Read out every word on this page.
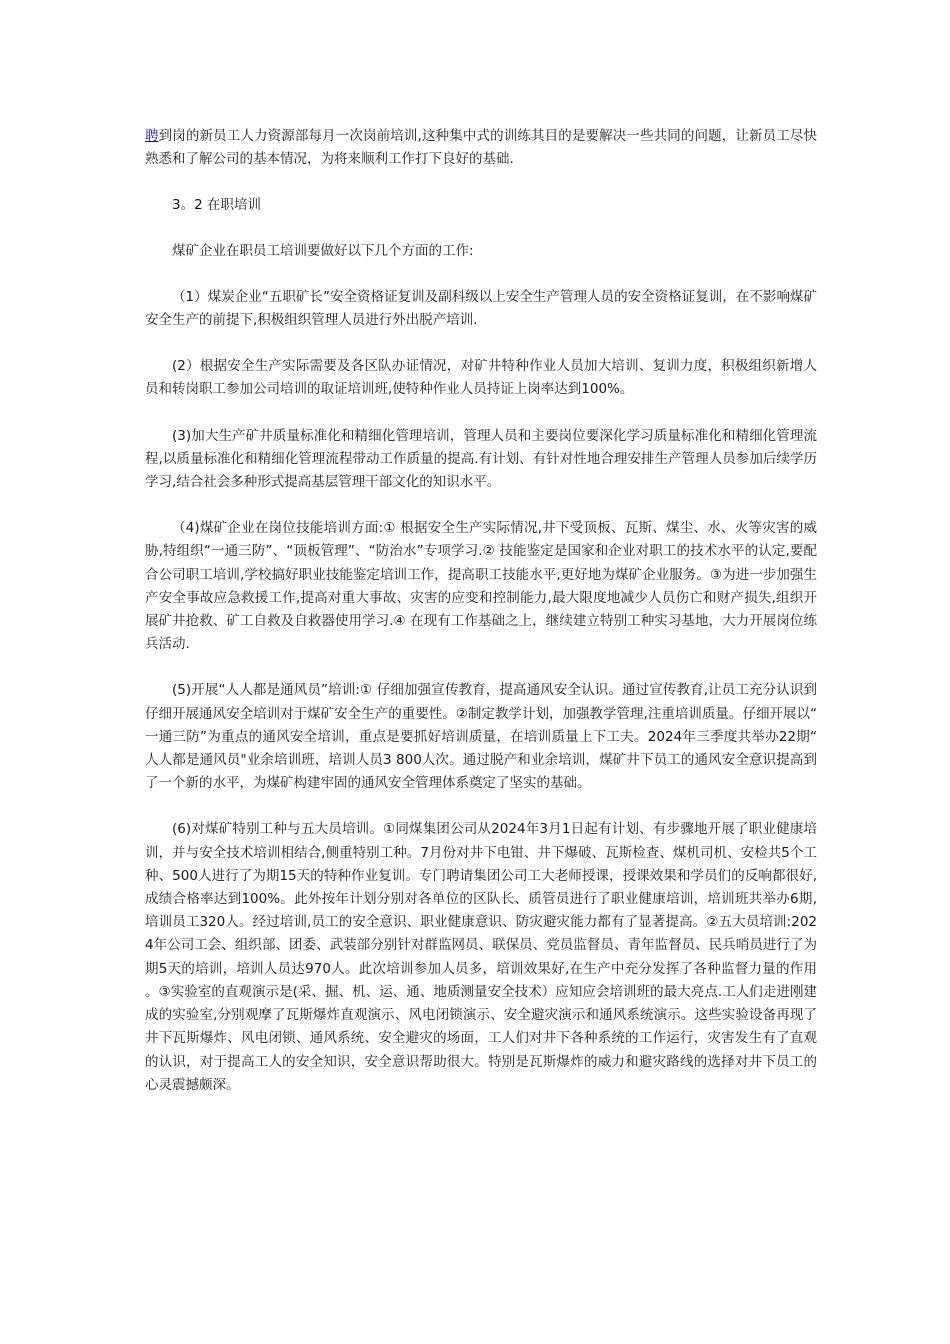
聘到岗的新员工人力资源部每月一次岗前培训,这种集中式的训练其目的是要解决一些共同的问题，让新员工尽快熟悉和了解公司的基本情况，为将来顺利工作打下良好的基础.

3。2 在职培训

煤矿企业在职员工培训要做好以下几个方面的工作:

（1）煤炭企业“五职矿长”安全资格证复训及副科级以上安全生产管理人员的安全资格证复训，在不影响煤矿安全生产的前提下,积极组织管理人员进行外出脱产培训.

(2）根据安全生产实际需要及各区队办证情况，对矿井特种作业人员加大培训、复训力度，积极组织新增人员和转岗职工参加公司培训的取证培训班,使特种作业人员持证上岗率达到100%。

(3)加大生产矿井质量标准化和精细化管理培训，管理人员和主要岗位要深化学习质量标准化和精细化管理流程,以质量标准化和精细化管理流程带动工作质量的提高.有计划、有针对性地合理安排生产管理人员参加后续学历学习,结合社会多种形式提高基层管理干部文化的知识水平。

（4)煤矿企业在岗位技能培训方面:① 根据安全生产实际情况,井下受顶板、瓦斯、煤尘、水、火等灾害的威胁,特组织“一通三防”、“顶板管理”、“防治水”专项学习.② 技能鉴定是国家和企业对职工的技术水平的认定,要配合公司职工培训,学校搞好职业技能鉴定培训工作，提高职工技能水平,更好地为煤矿企业服务。③为进一步加强生产安全事故应急救援工作,提高对重大事故、灾害的应变和控制能力,最大限度地减少人员伤亡和财产损失,组织开展矿井抢救、矿工自救及自救器使用学习.④ 在现有工作基础之上，继续建立特别工种实习基地，大力开展岗位练兵活动.

(5)开展“人人都是通风员”培训:① 仔细加强宣传教育，提高通风安全认识。通过宣传教育,让员工充分认识到仔细开展通风安全培训对于煤矿安全生产的重要性。②制定教学计划，加强教学管理,注重培训质量。仔细开展以“一通三防”为重点的通风安全培训，重点是要抓好培训质量，在培训质量上下工夫。2024年三季度共举办22期“人人都是通风员"业余培训班，培训人员3 800人次。通过脱产和业余培训，煤矿井下员工的通风安全意识提高到了一个新的水平，为煤矿构建牢固的通风安全管理体系奠定了坚实的基础。

(6)对煤矿特别工种与五大员培训。①同煤集团公司从2024年3月1日起有计划、有步骤地开展了职业健康培训，并与安全技术培训相结合,侧重特别工种。7月份对井下电钳、井下爆破、瓦斯检查、煤机司机、安检共5个工种、500人进行了为期15天的特种作业复训。专门聘请集团公司工大老师授课，授课效果和学员们的反响都很好,成绩合格率达到100%。此外按年计划分别对各单位的区队长、质管员进行了职业健康培训，培训班共举办6期,培训员工320人。经过培训,员工的安全意识、职业健康意识、防灾避灾能力都有了显著提高。②五大员培训:2024年公司工会、组织部、团委、武装部分别针对群监网员、联保员、党员监督员、青年监督员、民兵哨员进行了为期5天的培训，培训人员达970人。此次培训参加人员多，培训效果好,在生产中充分发挥了各种监督力量的作用。③实验室的直观演示是(采、掘、机、运、通、地质测量安全技术）应知应会培训班的最大亮点.工人们走进刚建成的实验室,分别观摩了瓦斯爆炸直观演示、风电闭锁演示、安全避灾演示和通风系统演示。这些实验设备再现了井下瓦斯爆炸、风电闭锁、通风系统、安全避灾的场面，工人们对井下各种系统的工作运行，灾害发生有了直观的认识，对于提高工人的安全知识，安全意识帮助很大。特别是瓦斯爆炸的威力和避灾路线的选择对井下员工的心灵震撼颇深。
